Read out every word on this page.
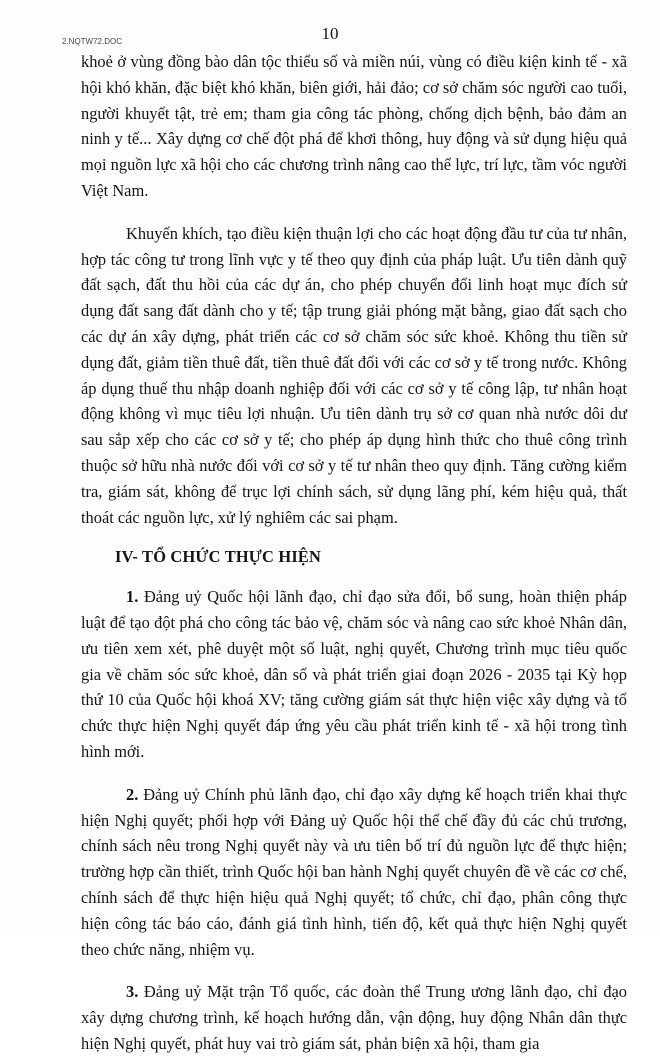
2.NQTW72.DOC	10

khoẻ ở vùng đồng bào dân tộc thiểu số và miền núi, vùng có điều kiện kinh tế - xã hội khó khăn, đặc biệt khó khăn, biên giới, hải đảo; cơ sở chăm sóc người cao tuổi, người khuyết tật, trẻ em; tham gia công tác phòng, chống dịch bệnh, bảo đảm an ninh y tế... Xây dựng cơ chế đột phá để khơi thông, huy động và sử dụng hiệu quả mọi nguồn lực xã hội cho các chương trình nâng cao thể lực, trí lực, tầm vóc người Việt Nam.

Khuyến khích, tạo điều kiện thuận lợi cho các hoạt động đầu tư của tư nhân, hợp tác công tư trong lĩnh vực y tế theo quy định của pháp luật. Ưu tiên dành quỹ đất sạch, đất thu hồi của các dự án, cho phép chuyển đổi linh hoạt mục đích sử dụng đất sang đất dành cho y tế; tập trung giải phóng mặt bằng, giao đất sạch cho các dự án xây dựng, phát triển các cơ sở chăm sóc sức khoẻ. Không thu tiền sử dụng đất, giảm tiền thuê đất, tiền thuê đất đối với các cơ sở y tế trong nước. Không áp dụng thuế thu nhập doanh nghiệp đối với các cơ sở y tế công lập, tư nhân hoạt động không vì mục tiêu lợi nhuận. Ưu tiên dành trụ sở cơ quan nhà nước dôi dư sau sắp xếp cho các cơ sở y tế; cho phép áp dụng hình thức cho thuê công trình thuộc sở hữu nhà nước đối với cơ sở y tế tư nhân theo quy định. Tăng cường kiểm tra, giám sát, không để trục lợi chính sách, sử dụng lãng phí, kém hiệu quả, thất thoát các nguồn lực, xử lý nghiêm các sai phạm.

IV- TỔ CHỨC THỰC HIỆN

1. Đảng uỷ Quốc hội lãnh đạo, chỉ đạo sửa đổi, bổ sung, hoàn thiện pháp luật để tạo đột phá cho công tác bảo vệ, chăm sóc và nâng cao sức khoẻ Nhân dân, ưu tiên xem xét, phê duyệt một số luật, nghị quyết, Chương trình mục tiêu quốc gia về chăm sóc sức khoẻ, dân số và phát triển giai đoạn 2026 - 2035 tại Kỳ họp thứ 10 của Quốc hội khoá XV; tăng cường giám sát thực hiện việc xây dựng và tổ chức thực hiện Nghị quyết đáp ứng yêu cầu phát triển kinh tế - xã hội trong tình hình mới.

2. Đảng uỷ Chính phủ lãnh đạo, chỉ đạo xây dựng kế hoạch triển khai thực hiện Nghị quyết; phối hợp với Đảng uỷ Quốc hội thể chế đầy đủ các chủ trương, chính sách nêu trong Nghị quyết này và ưu tiên bố trí đủ nguồn lực để thực hiện; trường hợp cần thiết, trình Quốc hội ban hành Nghị quyết chuyên đề về các cơ chế, chính sách để thực hiện hiệu quả Nghị quyết; tổ chức, chỉ đạo, phân công thực hiện công tác báo cáo, đánh giá tình hình, tiến độ, kết quả thực hiện Nghị quyết theo chức năng, nhiệm vụ.

3. Đảng uỷ Mặt trận Tổ quốc, các đoàn thể Trung ương lãnh đạo, chỉ đạo xây dựng chương trình, kế hoạch hướng dẫn, vận động, huy động Nhân dân thực hiện Nghị quyết, phát huy vai trò giám sát, phản biện xã hội, tham gia
